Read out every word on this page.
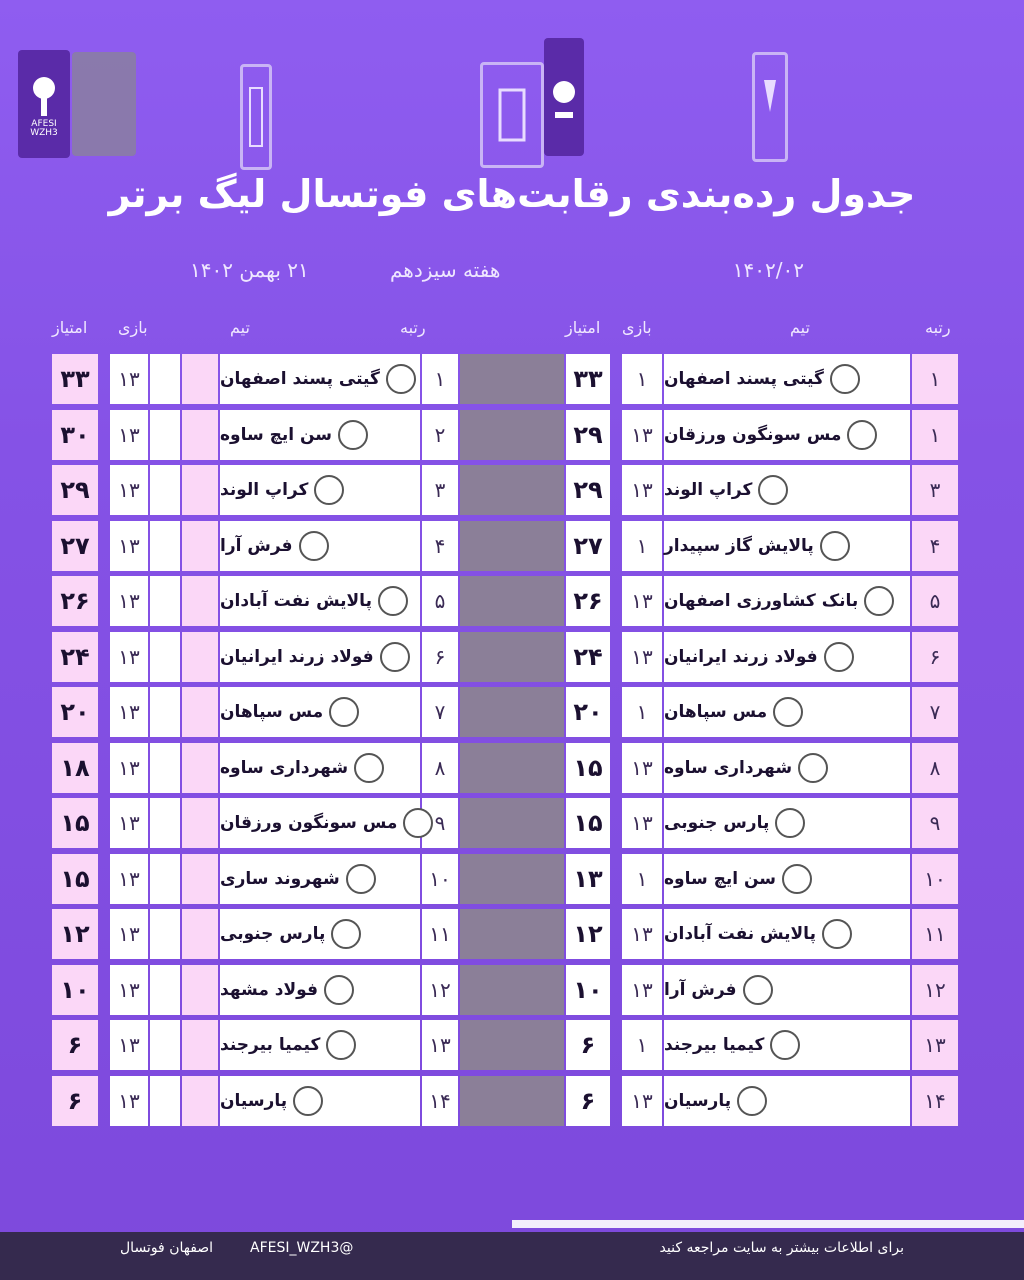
AFESI WZH3
جدول رده‌بندی رقابت‌های فوتسال لیگ برتر
۱۴۰۲/۰۲
هفته سیزدهم
۲۱ بهمن ۱۴۰۲
رتبه
تیم
بازی
امتیاز
رتبه
تیم
بازی
امتیاز
۱
گیتی پسند اصفهان
۱
۳۳
۱
مس سونگون ورزقان
۱۳
۲۹
۳
کراپ الوند
۱۳
۲۹
۴
پالایش گاز سپیدار
۱
۲۷
۵
بانک کشاورزی اصفهان
۱۳
۲۶
۶
فولاد زرند ایرانیان
۱۳
۲۴
۷
مس سپاهان
۱
۲۰
۸
شهرداری ساوه
۱۳
۱۵
۹
پارس جنوبی
۱۳
۱۵
۱۰
سن ایچ ساوه
۱
۱۳
۱۱
پالایش نفت آبادان
۱۳
۱۲
۱۲
فرش آرا
۱۳
۱۰
۱۳
کیمیا بیرجند
۱
۶
۱۴
پارسیان
۱۳
۶
۱
گیتی پسند اصفهان
۱۳
۳۳
۲
سن ایچ ساوه
۱۳
۳۰
۳
کراپ الوند
۱۳
۲۹
۴
فرش آرا
۱۳
۲۷
۵
پالایش نفت آبادان
۱۳
۲۶
۶
فولاد زرند ایرانیان
۱۳
۲۴
۷
مس سپاهان
۱۳
۲۰
۸
شهرداری ساوه
۱۳
۱۸
۹
مس سونگون ورزقان
۱۳
۱۵
۱۰
شهروند ساری
۱۳
۱۵
۱۱
پارس جنوبی
۱۳
۱۲
۱۲
فولاد مشهد
۱۳
۱۰
۱۳
کیمیا بیرجند
۱۳
۶
۱۴
پارسیان
۱۳
۶
برای اطلاعات بیشتر به سایت مراجعه کنید
@AFESI_WZH3
اصفهان فوتسال
